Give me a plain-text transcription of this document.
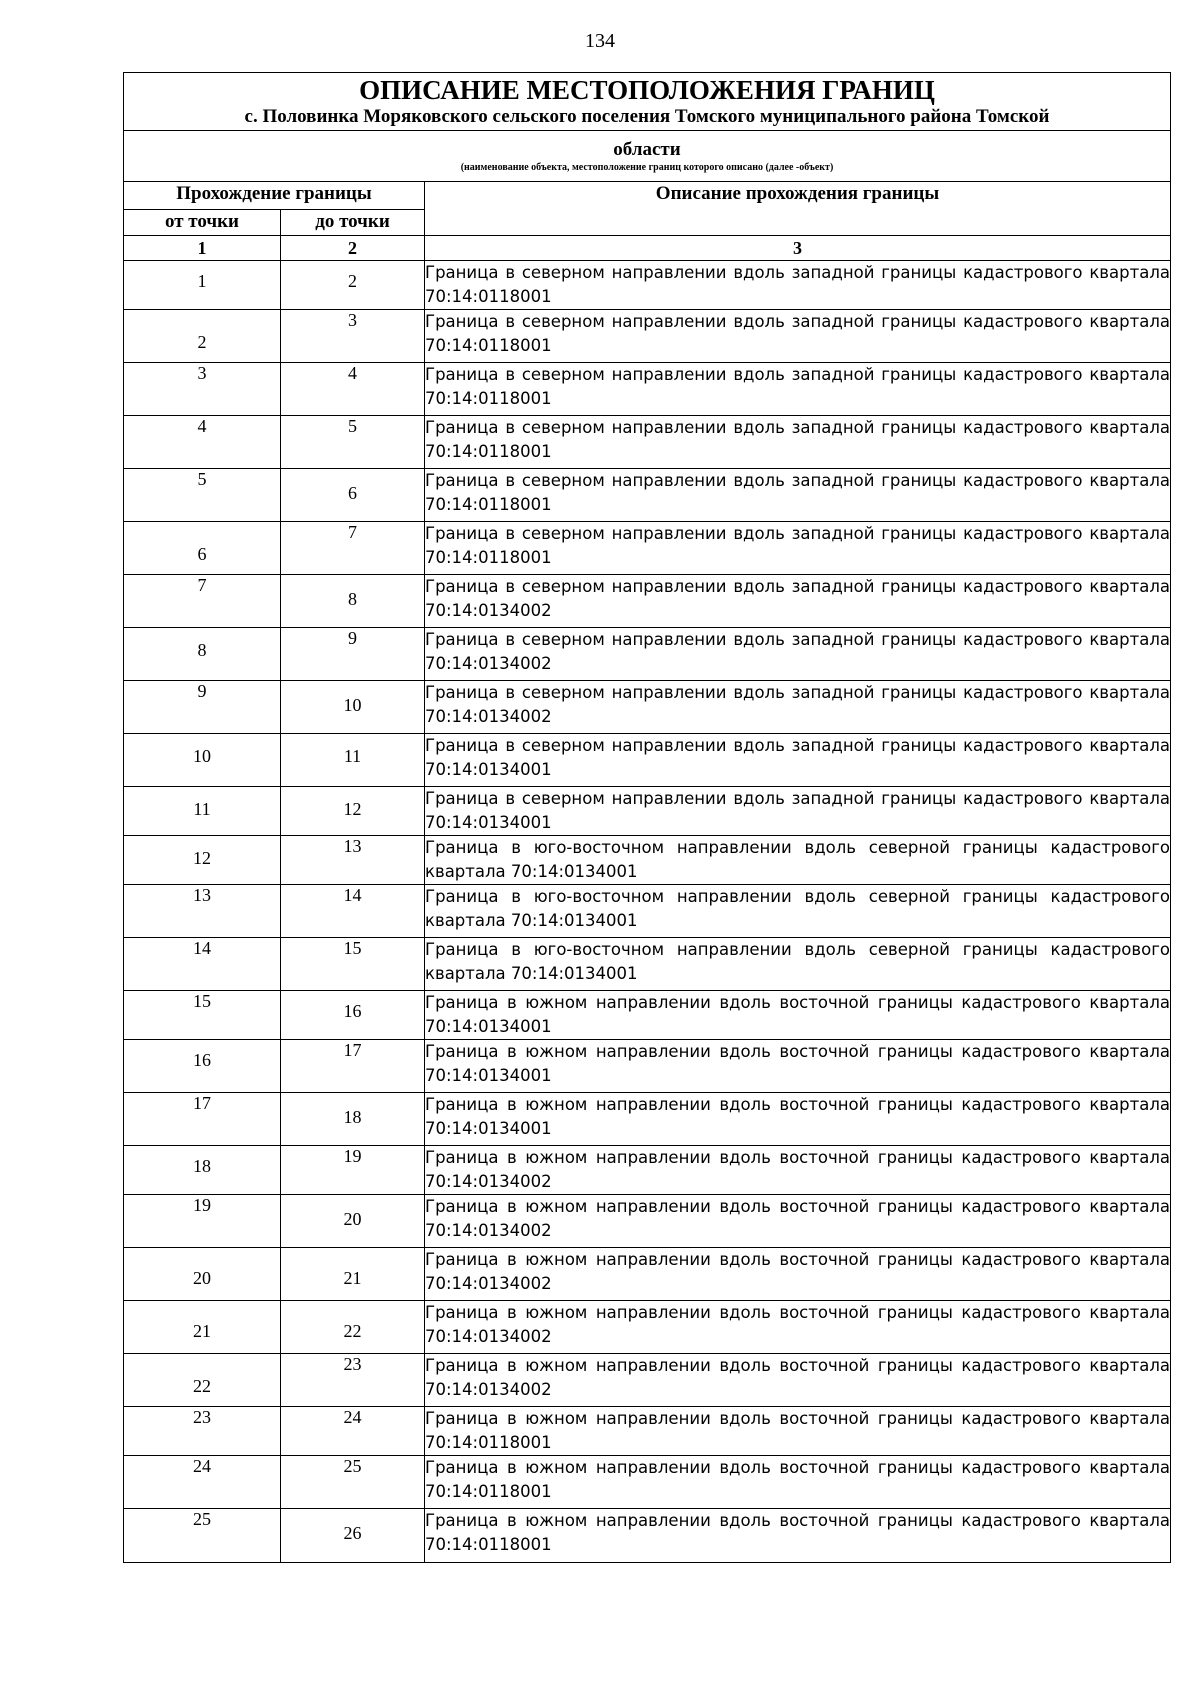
134
ОПИСАНИЕ МЕСТОПОЛОЖЕНИЯ ГРАНИЦ
с. Половинка Моряковского сельского поселения Томского муниципального района Томской		

области
(наименование объекта, местоположение границ которого описано (далее -объект)		

Прохождение границы		Описание прохождения границы
от точки	до точки	
1	2	3
1	2	Граница в северном направлении вдоль западной границы кадастрового квартала 70:14:0118001
2	3	Граница в северном направлении вдоль западной границы кадастрового квартала 70:14:0118001
3	4	Граница в северном направлении вдоль западной границы кадастрового квартала 70:14:0118001
4	5	Граница в северном направлении вдоль западной границы кадастрового квартала 70:14:0118001
5	6	Граница в северном направлении вдоль западной границы кадастрового квартала 70:14:0118001
6	7	Граница в северном направлении вдоль западной границы кадастрового квартала 70:14:0118001
7	8	Граница в северном направлении вдоль западной границы кадастрового квартала 70:14:0134002
8	9	Граница в северном направлении вдоль западной границы кадастрового квартала 70:14:0134002
9	10	Граница в северном направлении вдоль западной границы кадастрового квартала 70:14:0134002
10	11	Граница в северном направлении вдоль западной границы кадастрового квартала 70:14:0134001
11	12	Граница в северном направлении вдоль западной границы кадастрового квартала 70:14:0134001
12	13	Граница в юго-восточном направлении вдоль северной границы кадастрового квартала 70:14:0134001
13	14	Граница в юго-восточном направлении вдоль северной границы кадастрового квартала 70:14:0134001
14	15	Граница в юго-восточном направлении вдоль северной границы кадастрового квартала 70:14:0134001
15	16	Граница в южном направлении вдоль восточной границы кадастрового квартала 70:14:0134001
16	17	Граница в южном направлении вдоль восточной границы кадастрового квартала 70:14:0134001
17	18	Граница в южном направлении вдоль восточной границы кадастрового квартала 70:14:0134001
18	19	Граница в южном направлении вдоль восточной границы кадастрового квартала 70:14:0134002
19	20	Граница в южном направлении вдоль восточной границы кадастрового квартала 70:14:0134002
20	21	Граница в южном направлении вдоль восточной границы кадастрового квартала 70:14:0134002
21	22	Граница в южном направлении вдоль восточной границы кадастрового квартала 70:14:0134002
22	23	Граница в южном направлении вдоль восточной границы кадастрового квартала 70:14:0134002
23	24	Граница в южном направлении вдоль восточной границы кадастрового квартала 70:14:0118001
24	25	Граница в южном направлении вдоль восточной границы кадастрового квартала 70:14:0118001
25	26	Граница в южном направлении вдоль восточной границы кадастрового квартала 70:14:0118001
